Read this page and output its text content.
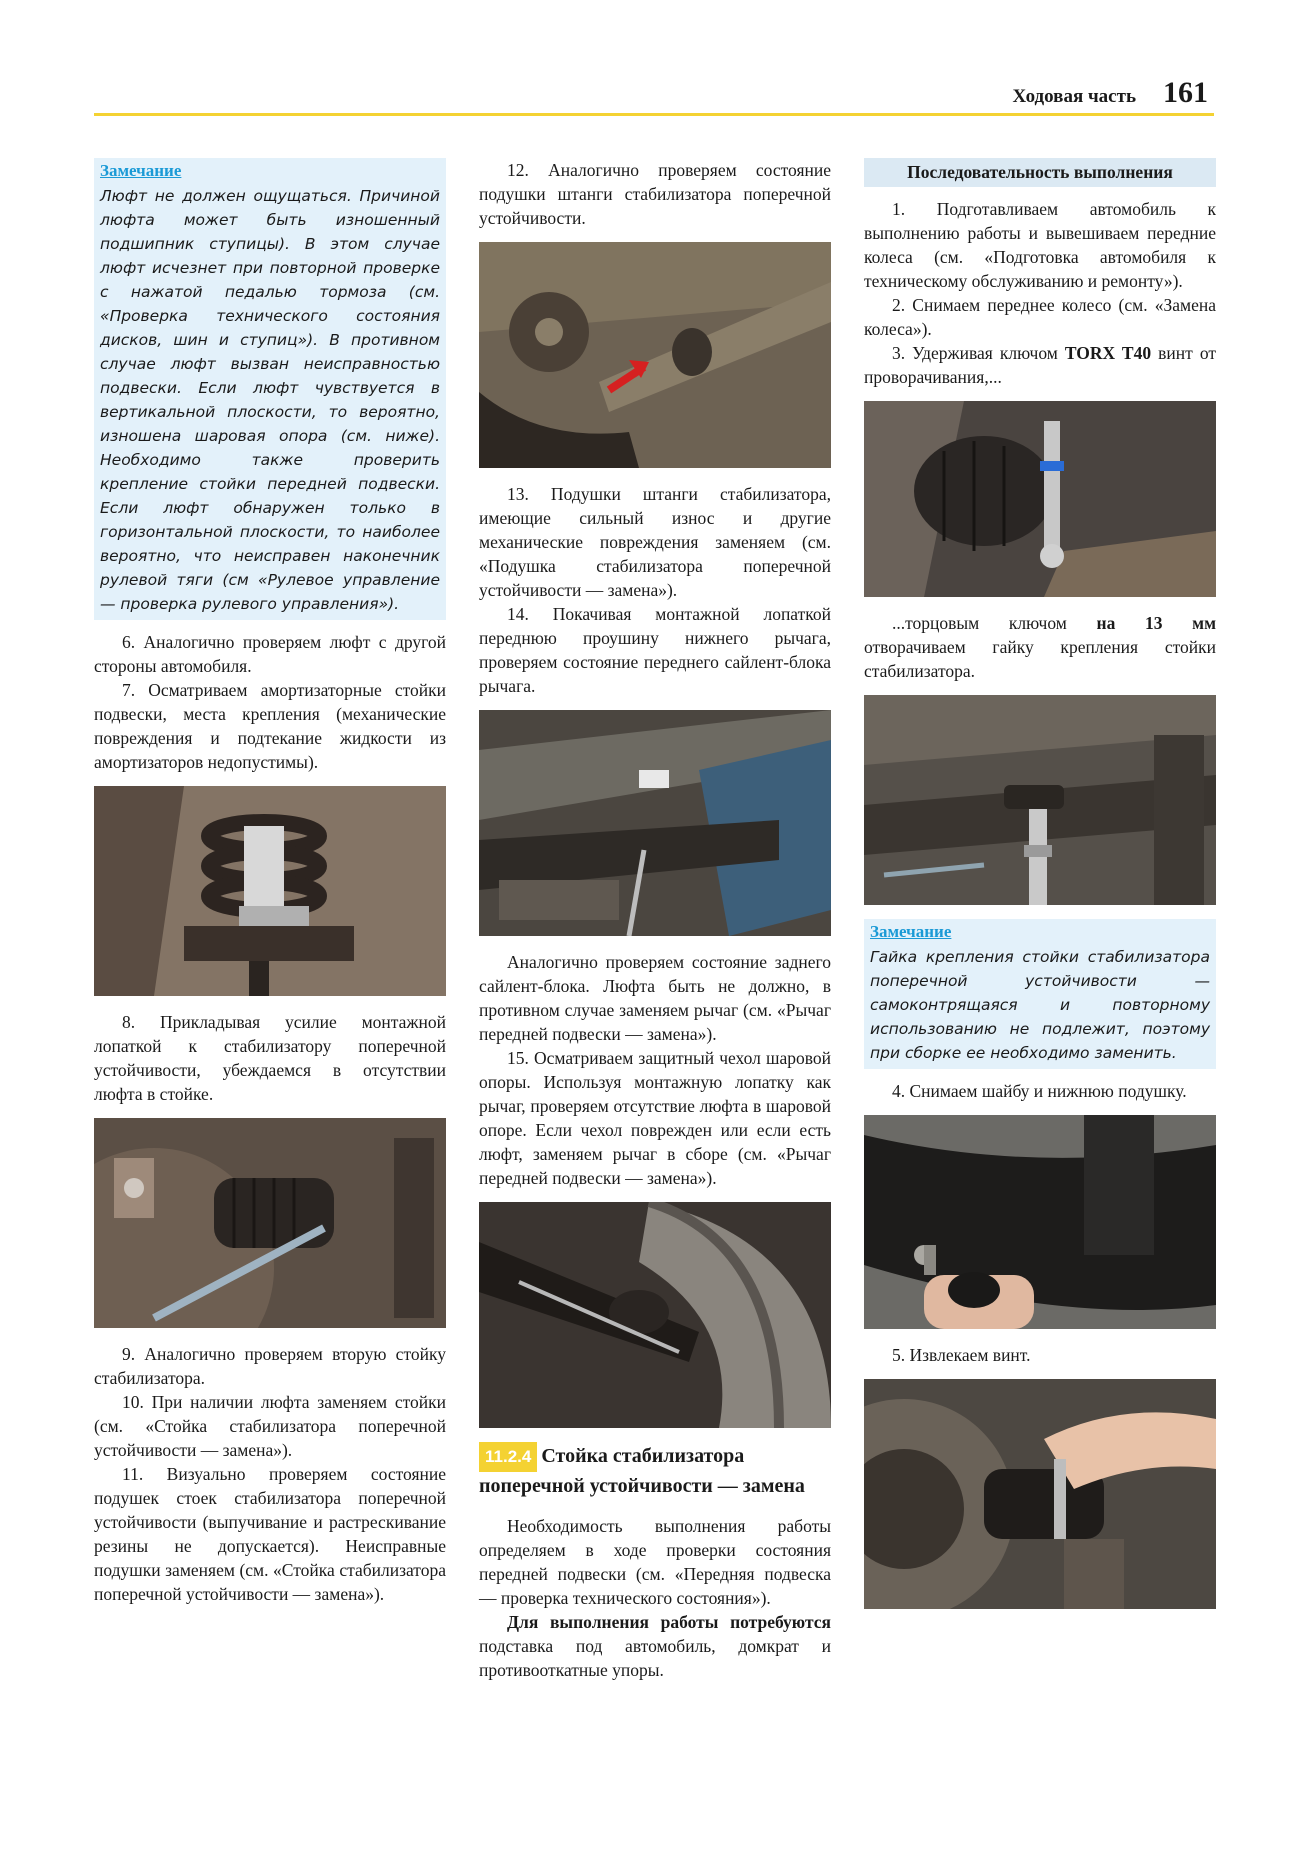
Ходовая часть 161
Замечание
Люфт не должен ощущаться. Причиной люфта может быть изношенный подшипник ступицы). В этом случае люфт исчезнет при повторной проверке с нажатой педалью тормоза (см. «Проверка технического состояния дисков, шин и ступиц»). В противном случае люфт вызван неисправностью подвески. Если люфт чувствуется в вертикальной плоскости, то вероятно, изношена шаровая опора (см. ниже). Необходимо также проверить крепление стойки передней подвески. Если люфт обнаружен только в горизонтальной плоскости, то наиболее вероятно, что неисправен наконечник рулевой тяги (см «Рулевое управление — проверка рулевого управления»).

6. Аналогично проверяем люфт с другой стороны автомобиля.

7. Осматриваем амортизаторные стойки подвески, места крепления (механические повреждения и подтекание жидкости из амортизаторов недопустимы).

8. Прикладывая усилие монтажной лопаткой к стабилизатору поперечной устойчивости, убеждаемся в отсутствии люфта в стойке.

9. Аналогично проверяем вторую стойку стабилизатора.

10. При наличии люфта заменяем стойки (см. «Стойка стабилизатора поперечной устойчивости — замена»).

11. Визуально проверяем состояние подушек стоек стабилизатора поперечной устойчивости (выпучивание и растрескивание резины не допускается). Неисправные подушки заменяем (см. «Стойка стабилизатора поперечной устойчивости — замена»).

12. Аналогично проверяем состояние подушки штанги стабилизатора поперечной устойчивости.

13. Подушки штанги стабилизатора, имеющие сильный износ и другие механические повреждения заменяем (см. «Подушка стабилизатора поперечной устойчивости — замена»).

14. Покачивая монтажной лопаткой переднюю проушину нижнего рычага, проверяем состояние переднего сайлент-блока рычага.

Аналогично проверяем состояние заднего сайлент-блока. Люфта быть не должно, в противном случае заменяем рычаг (см. «Рычаг передней подвески — замена»).

15. Осматриваем защитный чехол шаровой опоры. Используя монтажную лопатку как рычаг, проверяем отсутствие люфта в шаровой опоре. Если чехол поврежден или если есть люфт, заменяем рычаг в сборе (см. «Рычаг передней подвески — замена»).

11.2.4 Стойка стабилизатора поперечной устойчивости — замена

Необходимость выполнения работы определяем в ходе проверки состояния передней подвески (см. «Передняя подвеска — проверка технического состояния»).

Для выполнения работы потребуются подставка под автомобиль, домкрат и противооткатные упоры.

Последовательность выполнения

1. Подготавливаем автомобиль к выполнению работы и вывешиваем передние колеса (см. «Подготовка автомобиля к техническому обслуживанию и ремонту»).

2. Снимаем переднее колесо (см. «Замена колеса»).

3. Удерживая ключом TORX T40 винт от проворачивания,...

...торцовым ключом на 13 мм отворачиваем гайку крепления стойки стабилизатора.

Замечание
Гайка крепления стойки стабилизатора поперечной устойчивости — самоконтрящаяся и повторному использованию не подлежит, поэтому при сборке ее необходимо заменить.

4. Снимаем шайбу и нижнюю подушку.

5. Извлекаем винт.
